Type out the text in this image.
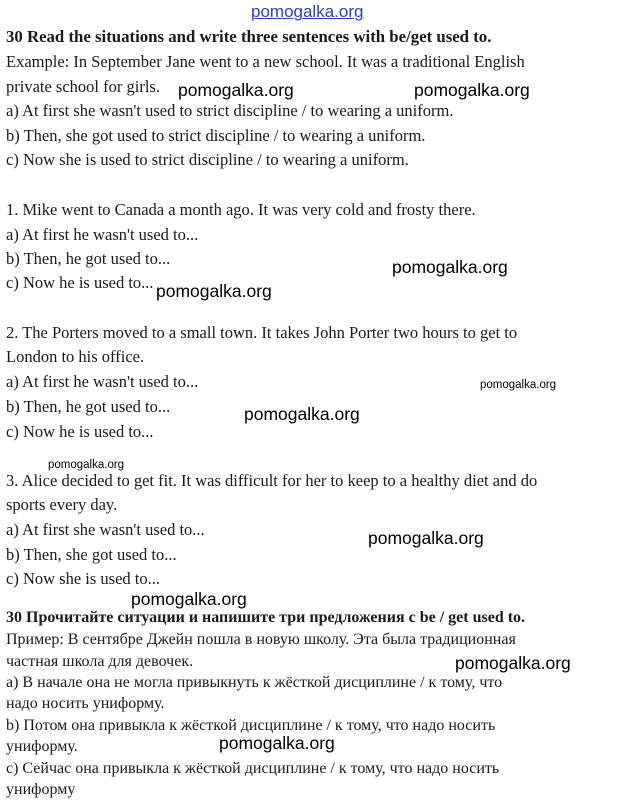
pomogalka.org
30 Read the situations and write three sentences with be/get used to.
Example: In September Jane went to a new school. It was a traditional English
private school for girls.
a) At first she wasn't used to strict discipline / to wearing a uniform.
b) Then, she got used to strict discipline / to wearing a uniform.
c) Now she is used to strict discipline / to wearing a uniform.
1. Mike went to Canada a month ago. It was very cold and frosty there.
a) At first he wasn't used to...
b) Then, he got used to...
c) Now he is used to...
2. The Porters moved to a small town. It takes John Porter two hours to get to
London to his office.
a) At first he wasn't used to...
b) Then, he got used to...
c) Now he is used to...
3. Alice decided to get fit. It was difficult for her to keep to a healthy diet and do
sports every day.
a) At first she wasn't used to...
b) Then, she got used to...
c) Now she is used to...
30 Прочитайте ситуации и напишите три предложения с be / get used to.
Пример: В сентябре Джейн пошла в новую школу. Эта была традиционная
частная школа для девочек.
а) В начале она не могла привыкнуть к жёсткой дисциплине / к тому, что
надо носить униформу.
b) Потом она привыкла к жёсткой дисциплине / к тому, что надо носить
униформу.
с) Сейчас она привыкла к жёсткой дисциплине / к тому, что надо носить
униформу
pomogalka.org	pomogalka.org
pomogalka.org
pomogalka.org
pomogalka.org
pomogalka.org
pomogalka.org
pomogalka.org
pomogalka.org
pomogalka.org
pomogalka.org
